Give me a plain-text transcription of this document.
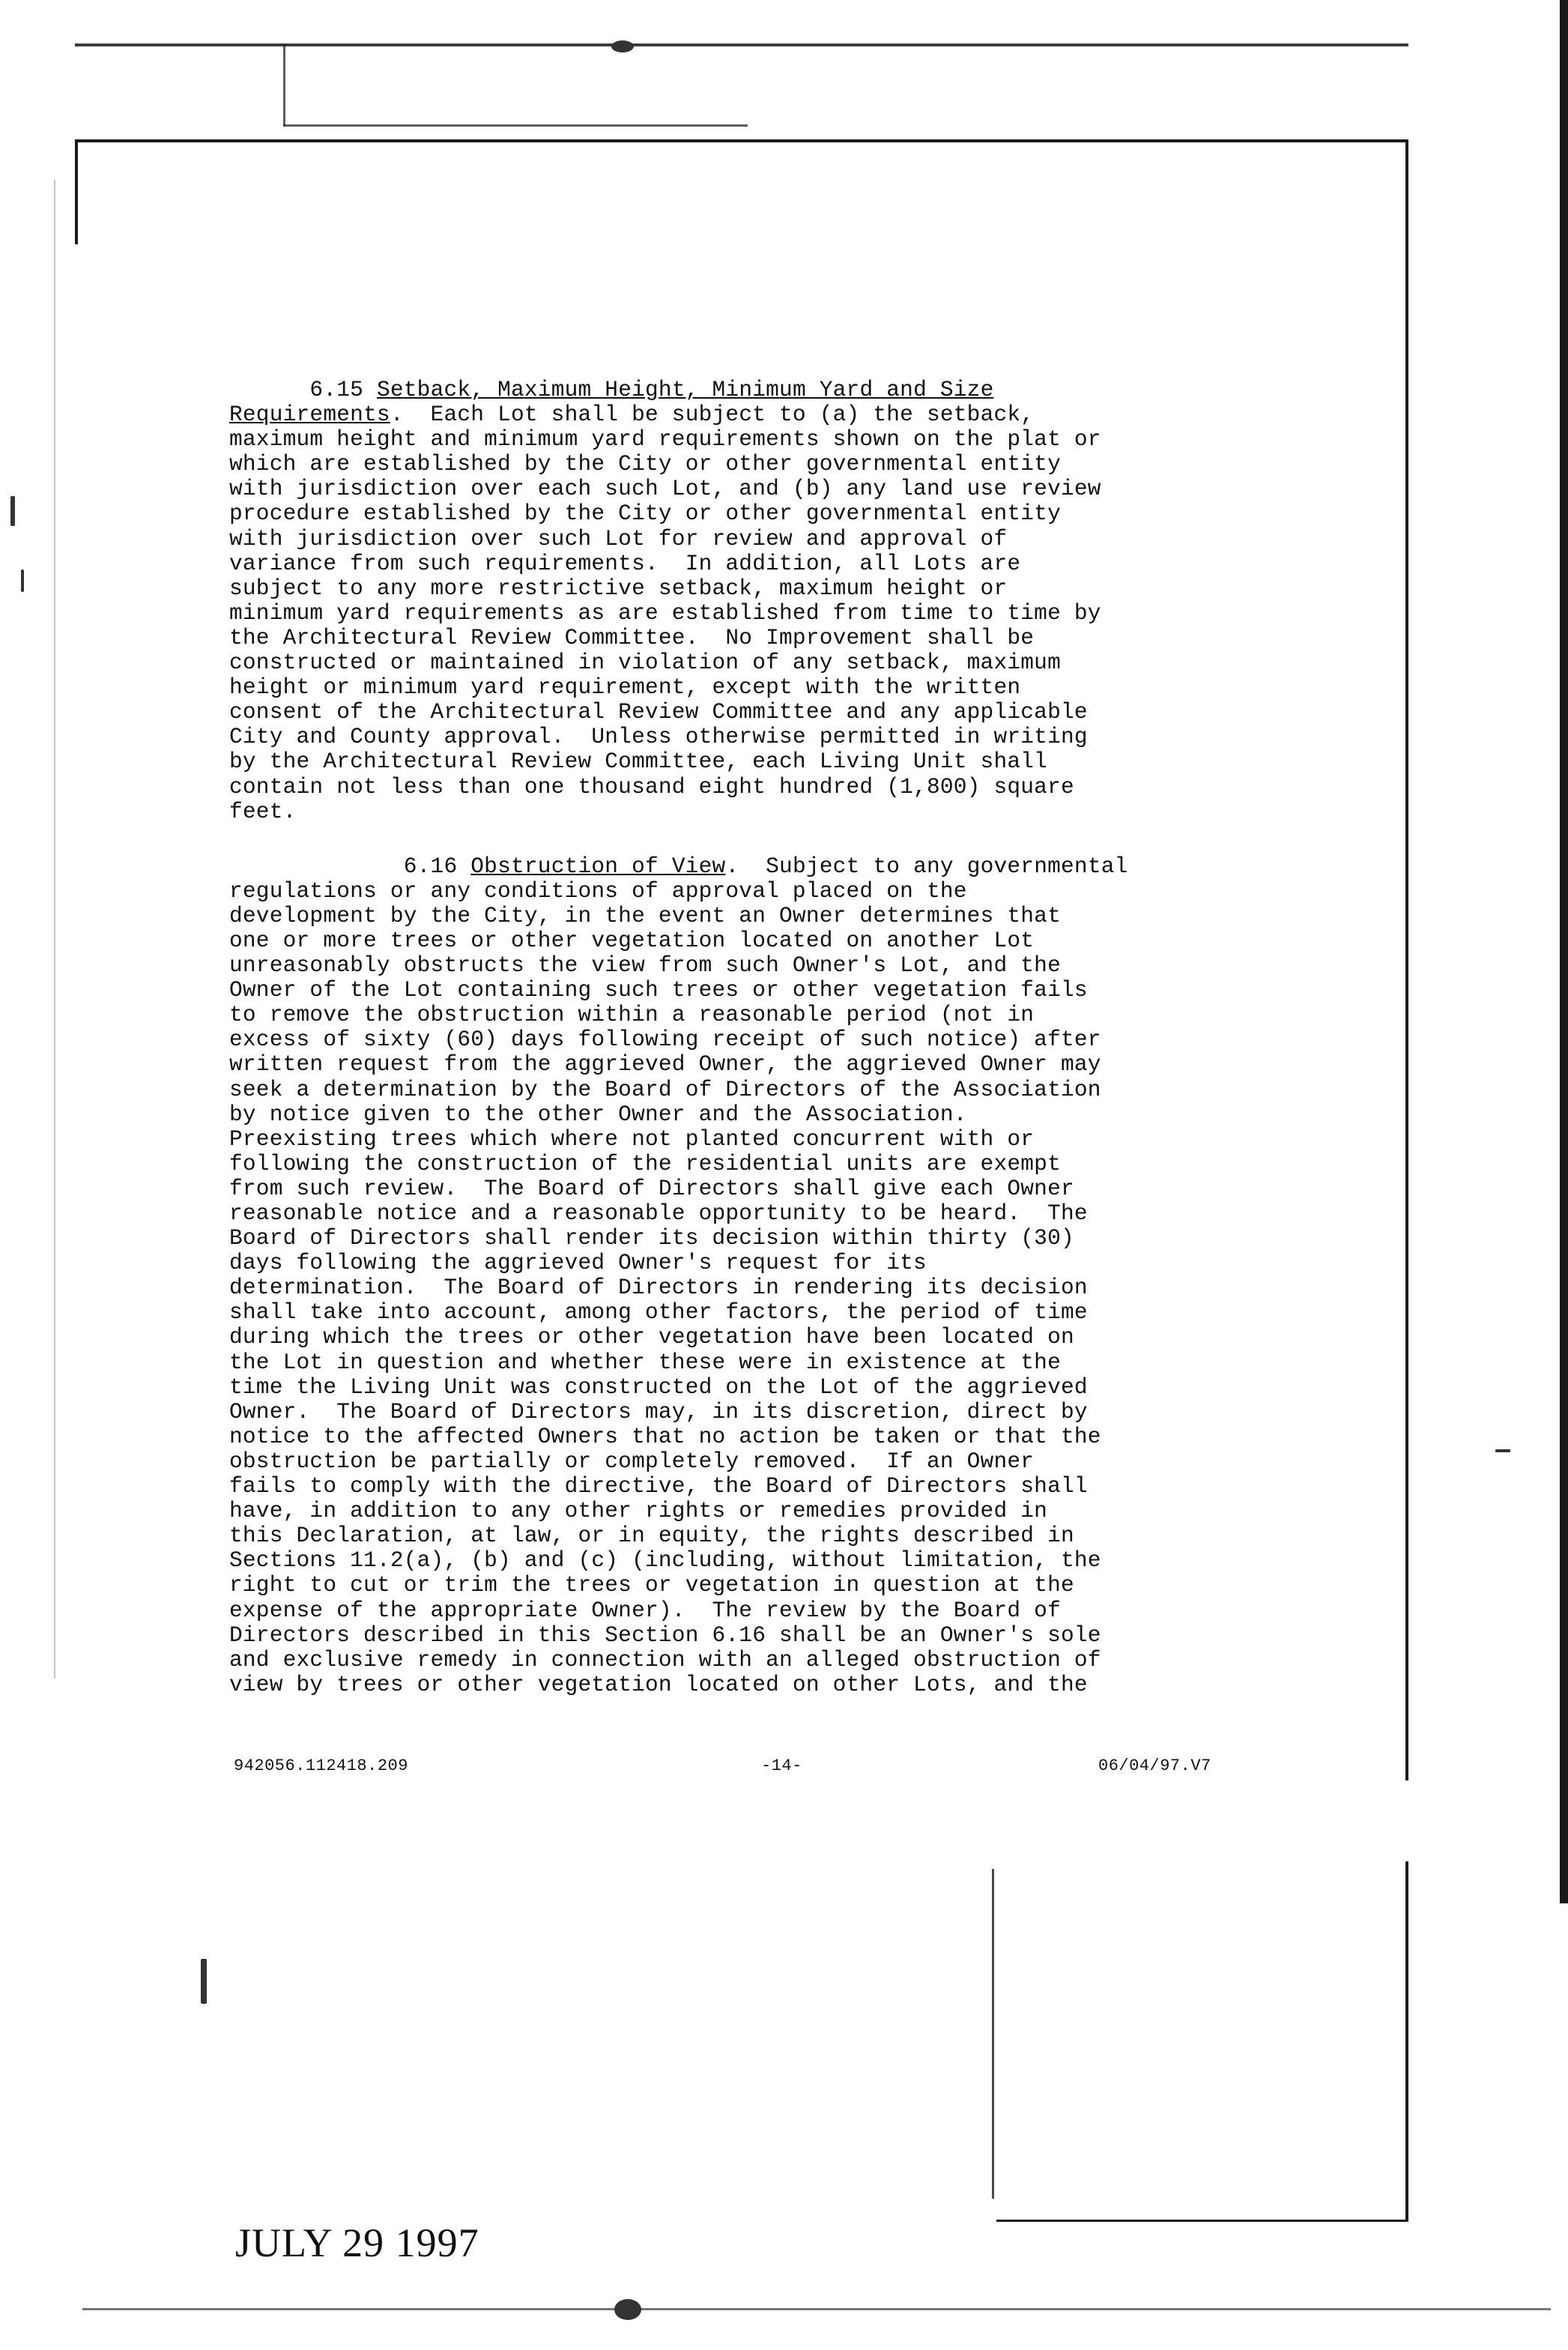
6.15 Setback, Maximum Height, Minimum Yard and Size
Requirements.  Each Lot shall be subject to (a) the setback,
maximum height and minimum yard requirements shown on the plat or
which are established by the City or other governmental entity
with jurisdiction over each such Lot, and (b) any land use review
procedure established by the City or other governmental entity
with jurisdiction over such Lot for review and approval of
variance from such requirements.  In addition, all Lots are
subject to any more restrictive setback, maximum height or
minimum yard requirements as are established from time to time by
the Architectural Review Committee.  No Improvement shall be
constructed or maintained in violation of any setback, maximum
height or minimum yard requirement, except with the written
consent of the Architectural Review Committee and any applicable
City and County approval.  Unless otherwise permitted in writing
by the Architectural Review Committee, each Living Unit shall
contain not less than one thousand eight hundred (1,800) square
feet.
6.16 Obstruction of View.  Subject to any governmental
regulations or any conditions of approval placed on the
development by the City, in the event an Owner determines that
one or more trees or other vegetation located on another Lot
unreasonably obstructs the view from such Owner's Lot, and the
Owner of the Lot containing such trees or other vegetation fails
to remove the obstruction within a reasonable period (not in
excess of sixty (60) days following receipt of such notice) after
written request from the aggrieved Owner, the aggrieved Owner may
seek a determination by the Board of Directors of the Association
by notice given to the other Owner and the Association.
Preexisting trees which where not planted concurrent with or
following the construction of the residential units are exempt
from such review.  The Board of Directors shall give each Owner
reasonable notice and a reasonable opportunity to be heard.  The
Board of Directors shall render its decision within thirty (30)
days following the aggrieved Owner's request for its
determination.  The Board of Directors in rendering its decision
shall take into account, among other factors, the period of time
during which the trees or other vegetation have been located on
the Lot in question and whether these were in existence at the
time the Living Unit was constructed on the Lot of the aggrieved
Owner.  The Board of Directors may, in its discretion, direct by
notice to the affected Owners that no action be taken or that the
obstruction be partially or completely removed.  If an Owner
fails to comply with the directive, the Board of Directors shall
have, in addition to any other rights or remedies provided in
this Declaration, at law, or in equity, the rights described in
Sections 11.2(a), (b) and (c) (including, without limitation, the
right to cut or trim the trees or vegetation in question at the
expense of the appropriate Owner).  The review by the Board of
Directors described in this Section 6.16 shall be an Owner's sole
and exclusive remedy in connection with an alleged obstruction of
view by trees or other vegetation located on other Lots, and the
942056.112418.209	-14-	06/04/97.V7
JULY 29 1997
